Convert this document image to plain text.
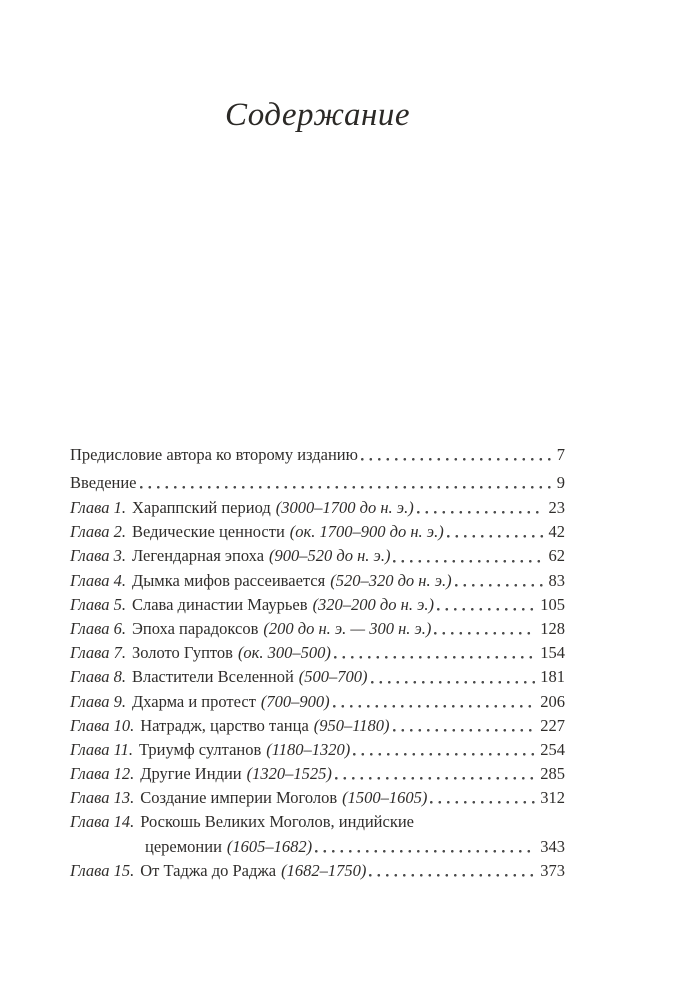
Содержание
Предисловие автора ко второму изданию	7
Введение	9
Глава 1. Хараппский период (3000–1700 до н. э.)	23
Глава 2. Ведические ценности (ок. 1700–900 до н. э.)	42
Глава 3. Легендарная эпоха (900–520 до н. э.)	62
Глава 4. Дымка мифов рассеивается (520–320 до н. э.)	83
Глава 5. Слава династии Маурьев (320–200 до н. э.)	105
Глава 6. Эпоха парадоксов (200 до н. э. — 300 н. э.)	128
Глава 7. Золото Гуптов (ок. 300–500)	154
Глава 8. Властители Вселенной (500–700)	181
Глава 9. Дхарма и протест (700–900)	206
Глава 10. Натрадж, царство танца (950–1180)	227
Глава 11. Триумф султанов (1180–1320)	254
Глава 12. Другие Индии (1320–1525)	285
Глава 13. Создание империи Моголов (1500–1605)	312
Глава 14. Роскошь Великих Моголов, индийские
церемонии (1605–1682)	343
Глава 15. От Таджа до Раджа (1682–1750)	373
